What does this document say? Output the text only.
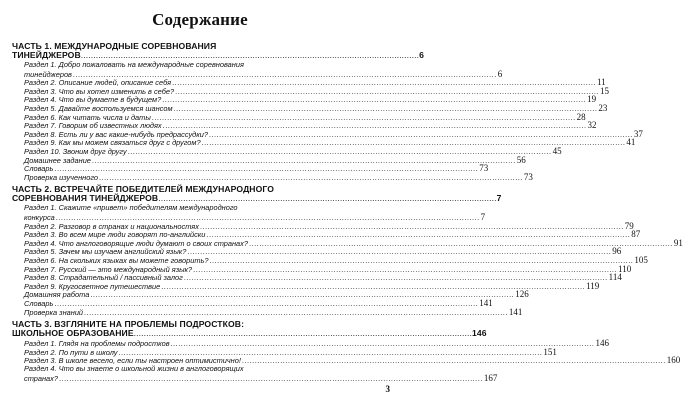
Содержание
ЧАСТЬ 1. МЕЖДУНАРОДНЫЕ СОРЕВНОВАНИЯ
ТИНЕЙДЖЕРОВ ........................................................................................................................................ 6
Раздел 1. Добро пожаловать на международные соревнования
тинейджеров .....	6
Раздел 2. Описание людей, описание себя .....	11
Раздел 3. Что вы хотел изменить в себе? .....	15
Раздел 4. Что вы думаете в будущем? .....	19
Раздел 5. Давайте воспользуемся шансом .....	23
Раздел 6. Как читать числа и даты .....	28
Раздел 7. Говорим об известных людях .....	32
Раздел 8. Есть ли у вас какие-нибудь предрассудки? .....	37
Раздел 9. Как мы можем связаться друг с другом? .....	41
Раздел 10. Звоним друг другу .....	45
Домашнее задание .....	56
Словарь .....	73
Проверка изученного .....	73
ЧАСТЬ 2. ВСТРЕЧАЙТЕ ПОБЕДИТЕЛЕЙ МЕЖДУНАРОДНОГО
СОРЕВНОВАНИЯ ТИНЕЙДЖЕРОВ ........................................................................................................................................ 7
Раздел 1. Скажите «привет» победителям международного
конкурса .....	7
Раздел 2. Разговор в странах и национальностях .....	79
Раздел 3. Во всем мире люди говорят по-английски .....	87
Раздел 4. Что англоговорящие люди думают о своих странах? .....	91
Раздел 5. Зачем мы изучаем английский язык? .....	96
Раздел 6. На скольких языках вы можете говорить? .....	105
Раздел 7. Русский — это международный язык? .....	110
Раздел 8. Страдательный / пассивный залог .....	114
Раздел 9. Кругосветное путешествие .....	119
Домашняя работа .....	126
Словарь .....	141
Проверка знаний .....	141
ЧАСТЬ 3. ВЗГЛЯНИТЕ НА ПРОБЛЕМЫ ПОДРОСТКОВ:
ШКОЛЬНОЕ ОБРАЗОВАНИЕ ........................................................................................................................................ 146
Раздел 1. Глядя на проблемы подростков .....	146
Раздел 2. По пути в школу .....	151
Раздел 3. В школе весело, если ты настроен оптимистично! .....	160
Раздел 4. Что вы знаете о школьной жизни в англоговорящих
странах? .....	167
3
